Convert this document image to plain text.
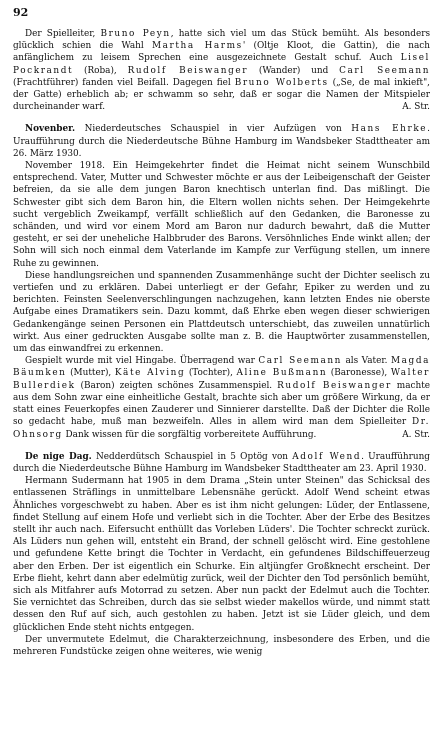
92

Der Spielleiter, Bruno Peyn, hatte sich viel um das Stück bemüht. Als besonders glücklich schien die Wahl Martha Harms' (Oltje Kloot, die Gattin), die nach anfänglichem zu leisem Sprechen eine ausgezeichnete Gestalt schuf. Auch Lisel Pockrandt (Roba), Rudolf Beiswanger (Wander) und Carl Seemann (Frachtführer) fanden viel Beifall. Dagegen fiel Bruno Wolberts („Se, de mal inkieft", der Gatte) erheblich ab; er schwamm so sehr, daß er sogar die Namen der Mitspieler durcheinander warf.	A. Str.

Novenber. Niederdeutsches Schauspiel in vier Aufzügen von Hans Ehrke. Uraufführung durch die Niederdeutsche Bühne Hamburg im Wandsbeker Stadttheater am 26. März 1930.

November 1918. Ein Heimgekehrter findet die Heimat nicht seinem Wunschbild entsprechend. Vater, Mutter und Schwester möchte er aus der Leibeigenschaft der Geister befreien, da sie alle dem jungen Baron knechtisch unterlan find. Das mißlingt. Die Schwester gibt sich dem Baron hin, die Eltern wollen nichts sehen. Der Heimgekehrte sucht vergeblich Zweikampf, verfällt schließlich auf den Gedanken, die Baronesse zu schänden, und wird vor einem Mord am Baron nur dadurch bewahrt, daß die Mutter gesteht, er sei der uneheliche Halbbruder des Barons. Versöhnliches Ende winkt allen; der Sohn will sich noch einmal dem Vaterlande im Kampfe zur Verfügung stellen, um innere Ruhe zu gewinnen.

Diese handlungsreichen und spannenden Zusammenhänge sucht der Dichter seelisch zu vertiefen und zu erklären. Dabei unterliegt er der Gefahr, Epiker zu werden und zu berichten. Feinsten Seelenverschlingungen nachzugehen, kann letzten Endes nie oberste Aufgabe eines Dramatikers sein. Dazu kommt, daß Ehrke eben wegen dieser schwierigen Gedankengänge seinen Personen ein Plattdeutsch unterschiebt, das zuweilen unnatürlich wirkt. Aus einer gedruckten Ausgabe sollte man z. B. die Hauptwörter zusammenstellen, um das einwandfrei zu erkennen.

Gespielt wurde mit viel Hingabe. Überragend war Carl Seemann als Vater. Magda Bäumken (Mutter), Käte Alving (Tochter), Aline Bußmann (Baronesse), Walter Bullerdiek (Baron) zeigten schönes Zusammenspiel. Rudolf Beiswanger machte aus dem Sohn zwar eine einheitliche Gestalt, brachte sich aber um größere Wirkung, da er statt eines Feuerkopfes einen Zauderer und Sinnierer darstellte. Daß der Dichter die Rolle so gedacht habe, muß man bezweifeln. Alles in allem wird man dem Spielleiter Dr. Ohnsorg Dank wissen für die sorgfältig vorbereitete Aufführung.	A. Str.

De nige Dag. Nedderdütsch Schauspiel in 5 Optög von Adolf Wend. Uraufführung durch die Niederdeutsche Bühne Hamburg im Wandsbeker Stadttheater am 23. April 1930.

Hermann Sudermann hat 1905 in dem Drama „Stein unter Steinen" das Schicksal des entlassenen Sträflings in unmittelbare Lebensnähe gerückt. Adolf Wend scheint etwas Ähnliches vorgeschwebt zu haben. Aber es ist ihm nicht gelungen: Lüder, der Entlassene, findet Stellung auf einem Hofe und verliebt sich in die Tochter. Aber der Erbe des Besitzes stellt ihr auch nach. Eifersucht enthüllt das Vorleben Lüders'. Die Tochter schreckt zurück. Als Lüders nun gehen will, entsteht ein Brand, der schnell gelöscht wird. Eine gestohlene und gefundene Kette bringt die Tochter in Verdacht, ein gefundenes Bildschiffeuerzeug aber den Erben. Der ist eigentlich ein Schurke. Ein altjüngfer Großknecht erscheint. Der Erbe flieht, kehrt dann aber edelmütig zurück, weil der Dichter den Tod persönlich bemüht, sich als Mitfahrer aufs Motorrad zu setzen. Aber nun packt der Edelmut auch die Tochter. Sie vernichtet das Schreiben, durch das sie selbst wieder makellos würde, und nimmt statt dessen den Ruf auf sich, auch gestohlen zu haben. Jetzt ist sie Lüder gleich, und dem glücklichen Ende steht nichts entgegen.

Der unvermutete Edelmut, die Charakterzeichnung, insbesondere des Erben, und die mehreren Fundstücke zeigen ohne weiteres, wie wenig
